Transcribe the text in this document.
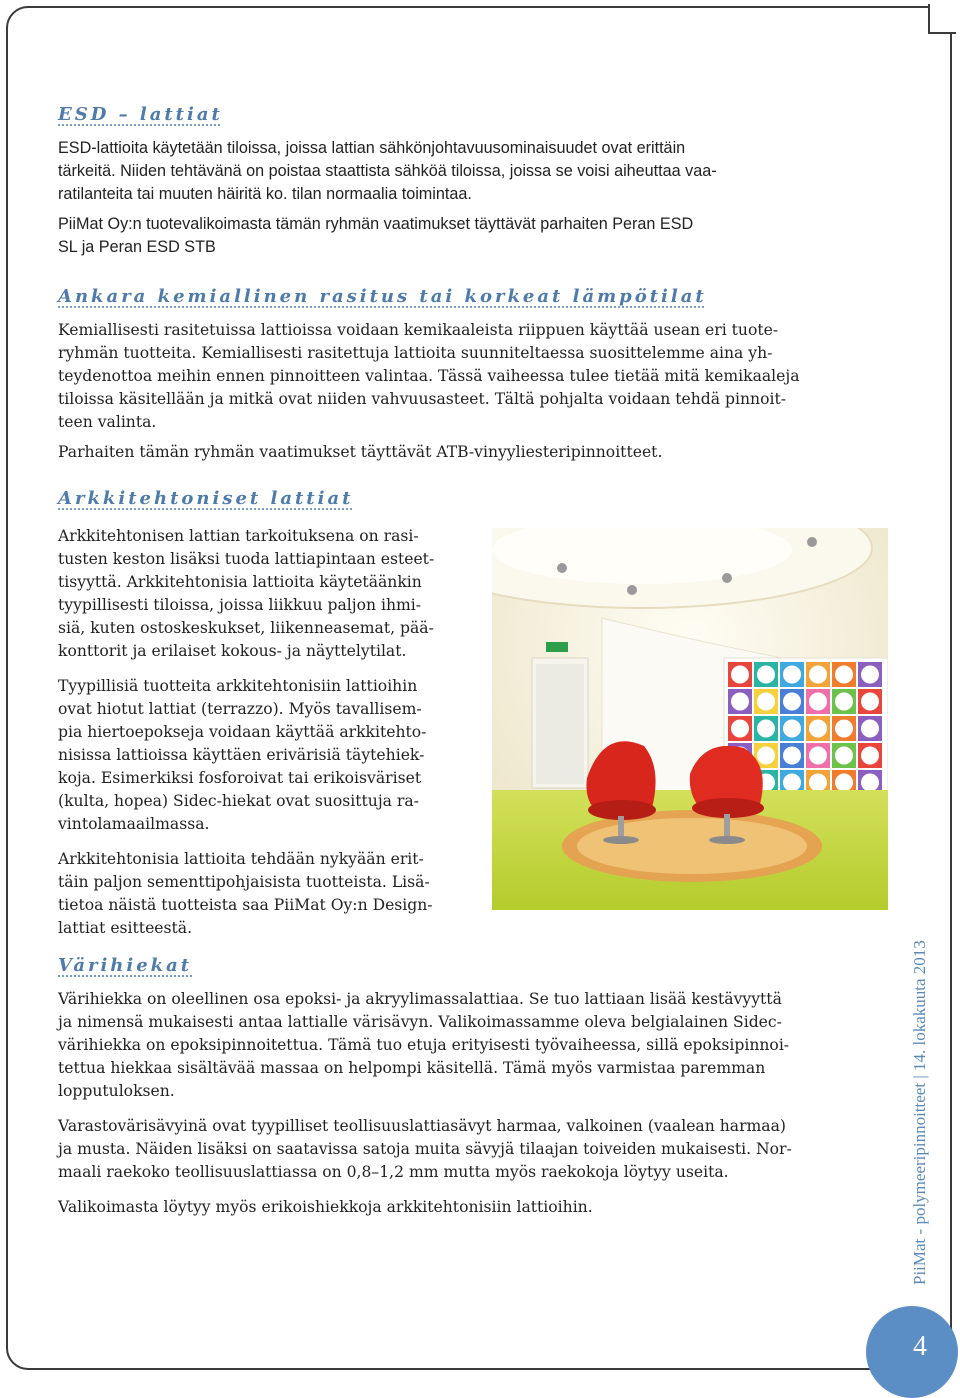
ESD – lattiat

ESD-lattioita käytetään tiloissa, joissa lattian sähkönjohtavuusominaisuudet ovat erittäin
tärkeitä. Niiden tehtävänä on poistaa staattista sähköä tiloissa, joissa se voisi aiheuttaa vaa-
ratilanteita tai muuten häiritä ko. tilan normaalia toimintaa.

PiiMat Oy:n tuotevalikoimasta tämän ryhmän vaatimukset täyttävät parhaiten Peran ESD
SL ja Peran ESD STB

Ankara kemiallinen rasitus tai korkeat lämpötilat

Kemiallisesti rasitetuissa lattioissa voidaan kemikaaleista riippuen käyttää usean eri tuote-
ryhmän tuotteita. Kemiallisesti rasitettuja lattioita suunniteltaessa suosittelemme aina yh-
teydenottoa meihin ennen pinnoitteen valintaa. Tässä vaiheessa tulee tietää mitä kemikaaleja
tiloissa käsitellään ja mitkä ovat niiden vahvuusasteet. Tältä pohjalta voidaan tehdä pinnoit-
teen valinta.

Parhaiten tämän ryhmän vaatimukset täyttävät ATB-vinyyliesteripinnoitteet.

Arkkitehtoniset lattiat

Arkkitehtonisen lattian tarkoituksena on rasi-
tusten keston lisäksi tuoda lattiapintaan esteet-
tisyyttä. Arkkitehtonisia lattioita käytetäänkin
tyypillisesti tiloissa, joissa liikkuu paljon ihmi-
siä, kuten ostoskeskukset, liikenneasemat, pää-
konttorit ja erilaiset kokous- ja näyttelytilat.

Tyypillisiä tuotteita arkkitehtonisiin lattioihin
ovat hiotut lattiat (terrazzo). Myös tavallisem-
pia hiertoepokseja voidaan käyttää arkkitehto-
nisissa lattioissa käyttäen erivärisiä täytehiek-
koja. Esimerkiksi fosforoivat tai erikoisväriset
(kulta, hopea) Sidec-hiekat ovat suosittuja ra-
vintolamaailmassa.

Arkkitehtonisia lattioita tehdään nykyään erit-
täin paljon sementtipohjaisista tuotteista. Lisä-
tietoa näistä tuotteista saa PiiMat Oy:n Design-
lattiat esitteestä.

Värihiekat

Värihiekka on oleellinen osa epoksi- ja akryylimassalattiaa. Se tuo lattiaan lisää kestävyyttä
ja nimensä mukaisesti antaa lattialle värisävyn. Valikoimassamme oleva belgialainen Sidec-
värihiekka on epoksipinnoitettua. Tämä tuo etuja erityisesti työvaiheessa, sillä epoksipinnoi-
tettua hiekkaa sisältävää massaa on helpompi käsitellä. Tämä myös varmistaa paremman
lopputuloksen.

Varastovärisävyinä ovat tyypilliset teollisuuslattiasävyt harmaa, valkoinen (vaalean harmaa)
ja musta. Näiden lisäksi on saatavissa satoja muita sävyjä tilaajan toiveiden mukaisesti. Nor-
maali raekoko teollisuuslattiassa on 0,8–1,2 mm mutta myös raekokoja löytyy useita.

Valikoimasta löytyy myös erikoishiekkoja arkkitehtonisiin lattioihin.	PiiMat - polymeeripinnoitteet | 14. lokakuuta 2013
4
